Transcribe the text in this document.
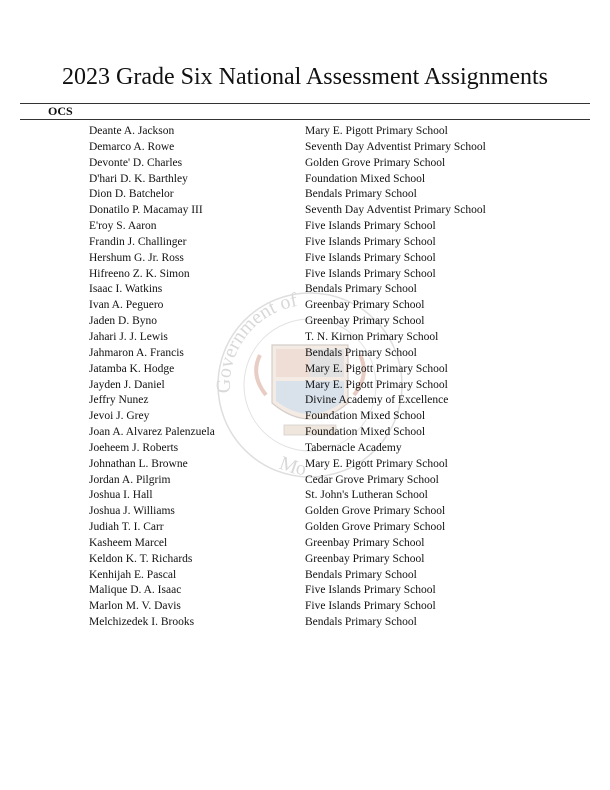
Government of
Mo
2023 Grade Six National Assessment Assignments
OCS
Deante A. Jackson	Mary E. Pigott Primary School
Demarco A. Rowe	Seventh Day Adventist Primary School
Devonte' D. Charles	Golden Grove Primary School
D'hari D. K. Barthley	Foundation Mixed School
Dion D. Batchelor	Bendals Primary School
Donatilo P. Macamay III	Seventh Day Adventist Primary School
E'roy S. Aaron	Five Islands Primary School
Frandin J. Challinger	Five Islands Primary School
Hershum G. Jr. Ross	Five Islands Primary School
Hifreeno Z. K. Simon	Five Islands Primary School
Isaac I. Watkins	Bendals Primary School
Ivan A. Peguero	Greenbay Primary School
Jaden D. Byno	Greenbay Primary School
Jahari J. J. Lewis	T. N. Kirnon Primary School
Jahmaron A. Francis	Bendals Primary School
Jatamba K. Hodge	Mary E. Pigott Primary School
Jayden J. Daniel	Mary E. Pigott Primary School
Jeffry Nunez	Divine Academy of Excellence
Jevoi J. Grey	Foundation Mixed School
Joan A. Alvarez Palenzuela	Foundation Mixed School
Joeheem J. Roberts	Tabernacle Academy
Johnathan L. Browne	Mary E. Pigott Primary School
Jordan A. Pilgrim	Cedar Grove Primary School
Joshua I. Hall	St. John's Lutheran School
Joshua J. Williams	Golden Grove Primary School
Judiah T. I. Carr	Golden Grove Primary School
Kasheem Marcel	Greenbay Primary School
Keldon K. T. Richards	Greenbay Primary School
Kenhijah E. Pascal	Bendals Primary School
Malique D. A. Isaac	Five Islands Primary School
Marlon M. V. Davis	Five Islands Primary School
Melchizedek I. Brooks	Bendals Primary School
